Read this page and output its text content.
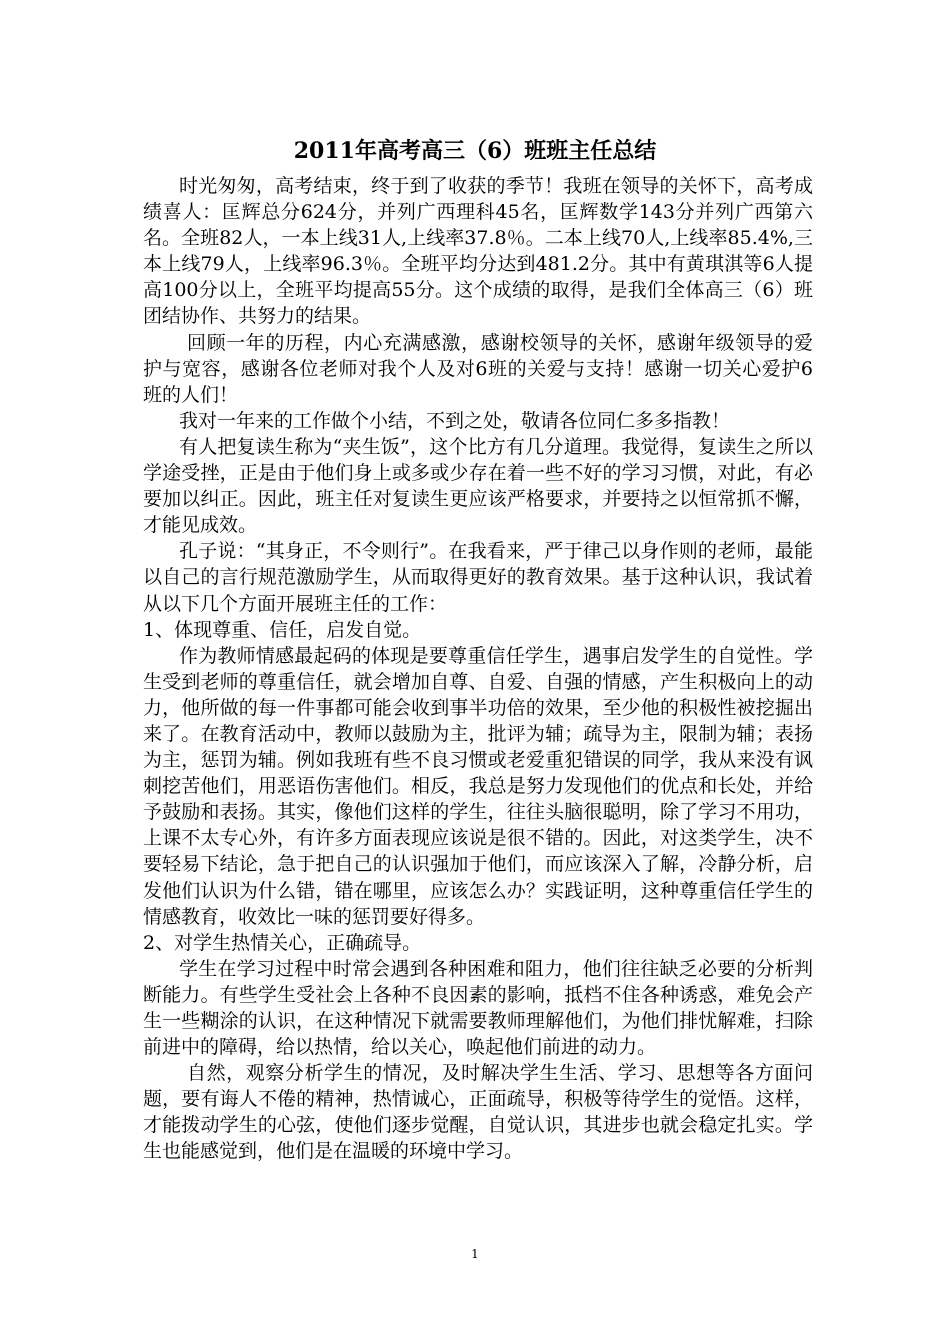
2011年高考高三（6）班班主任总结

时光匆匆，高考结束，终于到了收获的季节！我班在领导的关怀下，高考成绩喜人：匡辉总分624分，并列广西理科45名，匡辉数学143分并列广西第六名。全班82人，一本上线31人,上线率37.8％。二本上线70人,上线率85.4%,三本上线79人，上线率96.3％。全班平均分达到481.2分。其中有黄琪淇等6人提高100分以上，全班平均提高55分。这个成绩的取得，是我们全体高三（6）班团结协作、共努力的结果。

回顾一年的历程，内心充满感激，感谢校领导的关怀，感谢年级领导的爱护与宽容，感谢各位老师对我个人及对6班的关爱与支持！感谢一切关心爱护6班的人们！

我对一年来的工作做个小结，不到之处，敬请各位同仁多多指教！

有人把复读生称为“夹生饭”，这个比方有几分道理。我觉得，复读生之所以学途受挫，正是由于他们身上或多或少存在着一些不好的学习习惯，对此，有必要加以纠正。因此，班主任对复读生更应该严格要求，并要持之以恒常抓不懈，才能见成效。

孔子说：“其身正，不令则行”。在我看来，严于律己以身作则的老师，最能以自己的言行规范激励学生，从而取得更好的教育效果。基于这种认识，我试着从以下几个方面开展班主任的工作：

1、体现尊重、信任，启发自觉。

作为教师情感最起码的体现是要尊重信任学生，遇事启发学生的自觉性。学生受到老师的尊重信任，就会增加自尊、自爱、自强的情感，产生积极向上的动力，他所做的每一件事都可能会收到事半功倍的效果，至少他的积极性被挖掘出来了。在教育活动中，教师以鼓励为主，批评为辅；疏导为主，限制为辅；表扬为主，惩罚为辅。例如我班有些不良习惯或老爱重犯错误的同学，我从来没有讽刺挖苦他们，用恶语伤害他们。相反，我总是努力发现他们的优点和长处，并给予鼓励和表扬。其实，像他们这样的学生，往往头脑很聪明，除了学习不用功，上课不太专心外，有许多方面表现应该说是很不错的。因此，对这类学生，决不要轻易下结论，急于把自己的认识强加于他们，而应该深入了解，冷静分析，启发他们认识为什么错，错在哪里，应该怎么办？实践证明，这种尊重信任学生的情感教育，收效比一味的惩罚要好得多。

2、对学生热情关心，正确疏导。

学生在学习过程中时常会遇到各种困难和阻力，他们往往缺乏必要的分析判断能力。有些学生受社会上各种不良因素的影响，抵档不住各种诱惑，难免会产生一些糊涂的认识，在这种情况下就需要教师理解他们，为他们排忧解难，扫除前进中的障碍，给以热情，给以关心，唤起他们前进的动力。

自然，观察分析学生的情况，及时解决学生生活、学习、思想等各方面问题，要有诲人不倦的精神，热情诚心，正面疏导，积极等待学生的觉悟。这样，才能拨动学生的心弦，使他们逐步觉醒，自觉认识，其进步也就会稳定扎实。学生也能感觉到，他们是在温暖的环境中学习。

1
